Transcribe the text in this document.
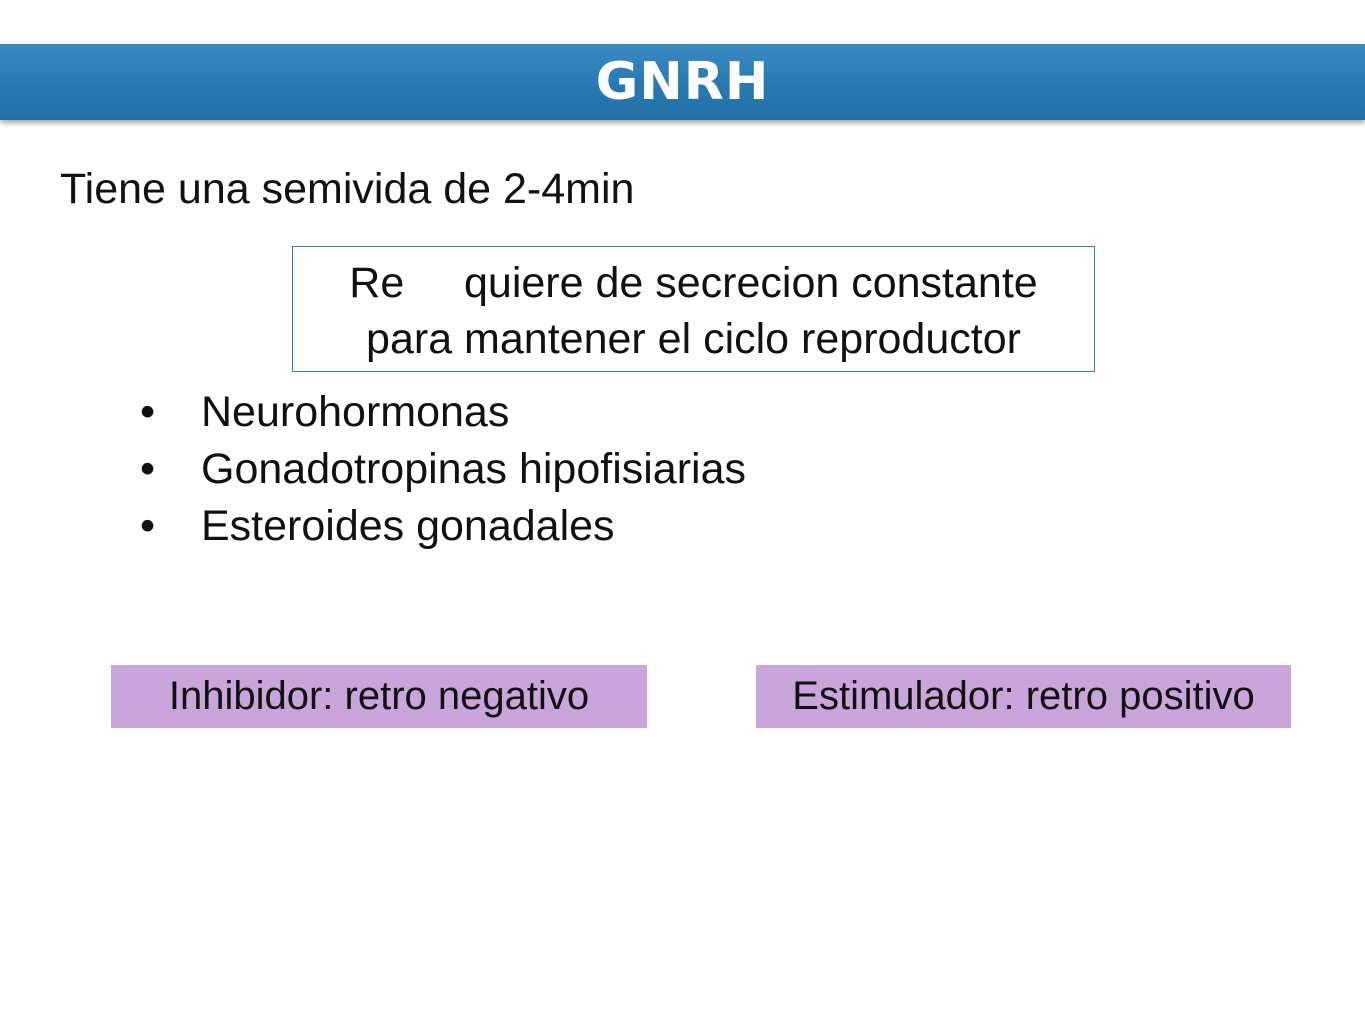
GNRH
Tiene una semivida de 2-4min
Re     quiere de secrecion constante
para mantener el ciclo reproductor
• Neurohormonas
• Gonadotropinas hipofisiarias
• Esteroides gonadales
Inhibidor: retro negativo	Estimulador: retro positivo
